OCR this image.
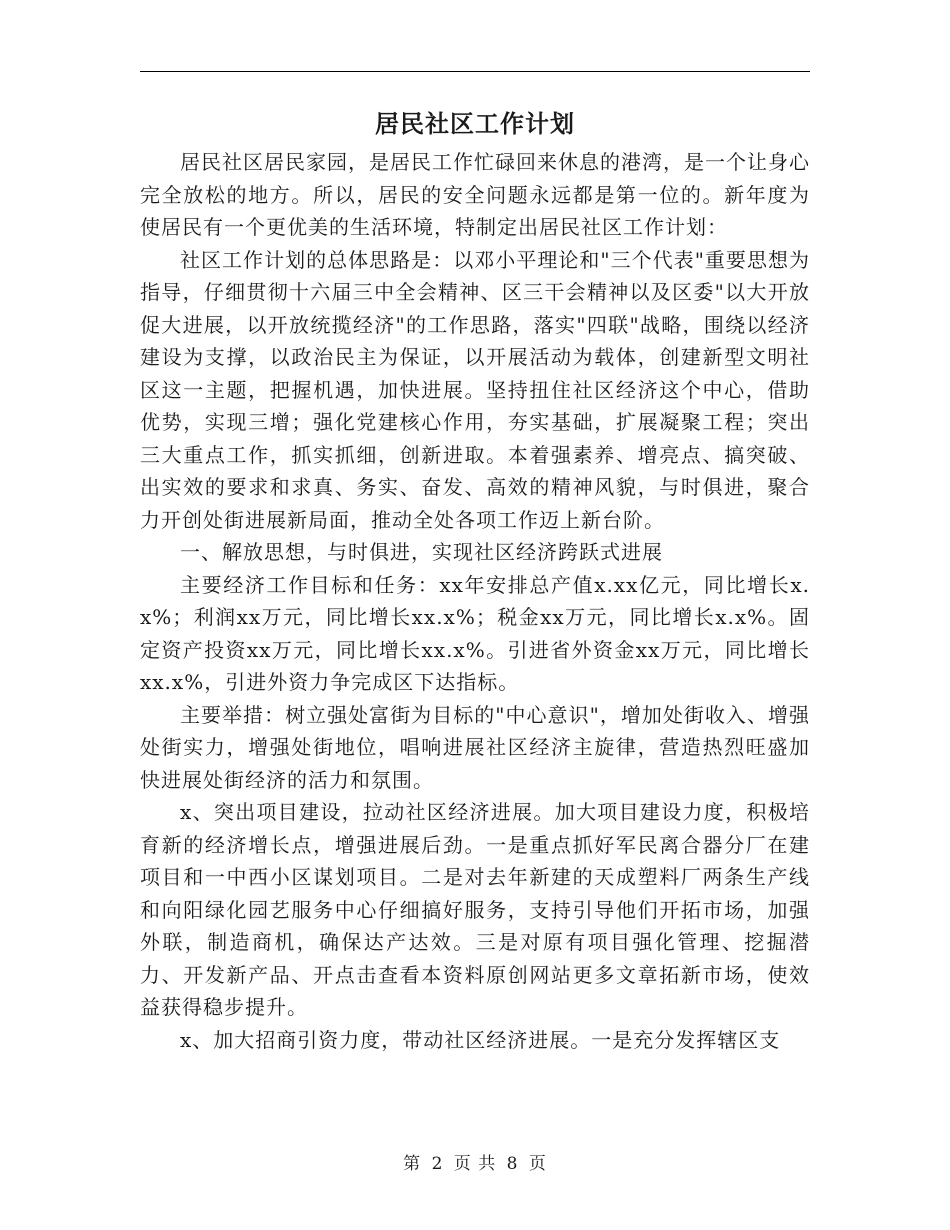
居民社区工作计划

居民社区居民家园，是居民工作忙碌回来休息的港湾，是一个让身心完全放松的地方。所以，居民的安全问题永远都是第一位的。新年度为使居民有一个更优美的生活环境，特制定出居民社区工作计划：

社区工作计划的总体思路是：以邓小平理论和"三个代表"重要思想为指导，仔细贯彻十六届三中全会精神、区三干会精神以及区委"以大开放促大进展，以开放统揽经济"的工作思路，落实"四联"战略，围绕以经济建设为支撑，以政治民主为保证，以开展活动为载体，创建新型文明社区这一主题，把握机遇，加快进展。坚持扭住社区经济这个中心，借助优势，实现三增；强化党建核心作用，夯实基础，扩展凝聚工程；突出三大重点工作，抓实抓细，创新进取。本着强素养、增亮点、搞突破、出实效的要求和求真、务实、奋发、高效的精神风貌，与时俱进，聚合力开创处街进展新局面，推动全处各项工作迈上新台阶。

一、解放思想，与时俱进，实现社区经济跨跃式进展

主要经济工作目标和任务：xx年安排总产值x.xx亿元，同比增长x.x%；利润xx万元，同比增长xx.x%；税金xx万元，同比增长x.x%。固定资产投资xx万元，同比增长xx.x%。引进省外资金xx万元，同比增长xx.x%，引进外资力争完成区下达指标。

主要举措：树立强处富街为目标的"中心意识"，增加处街收入、增强处街实力，增强处街地位，唱响进展社区经济主旋律，营造热烈旺盛加快进展处街经济的活力和氛围。

x、突出项目建设，拉动社区经济进展。加大项目建设力度，积极培育新的经济增长点，增强进展后劲。一是重点抓好军民离合器分厂在建项目和一中西小区谋划项目。二是对去年新建的天成塑料厂两条生产线和向阳绿化园艺服务中心仔细搞好服务，支持引导他们开拓市场，加强外联，制造商机，确保达产达效。三是对原有项目强化管理、挖掘潜力、开发新产品、开点击查看本资料原创网站更多文章拓新市场，使效益获得稳步提升。

x、加大招商引资力度，带动社区经济进展。一是充分发挥辖区支

第 2 页 共 8 页
